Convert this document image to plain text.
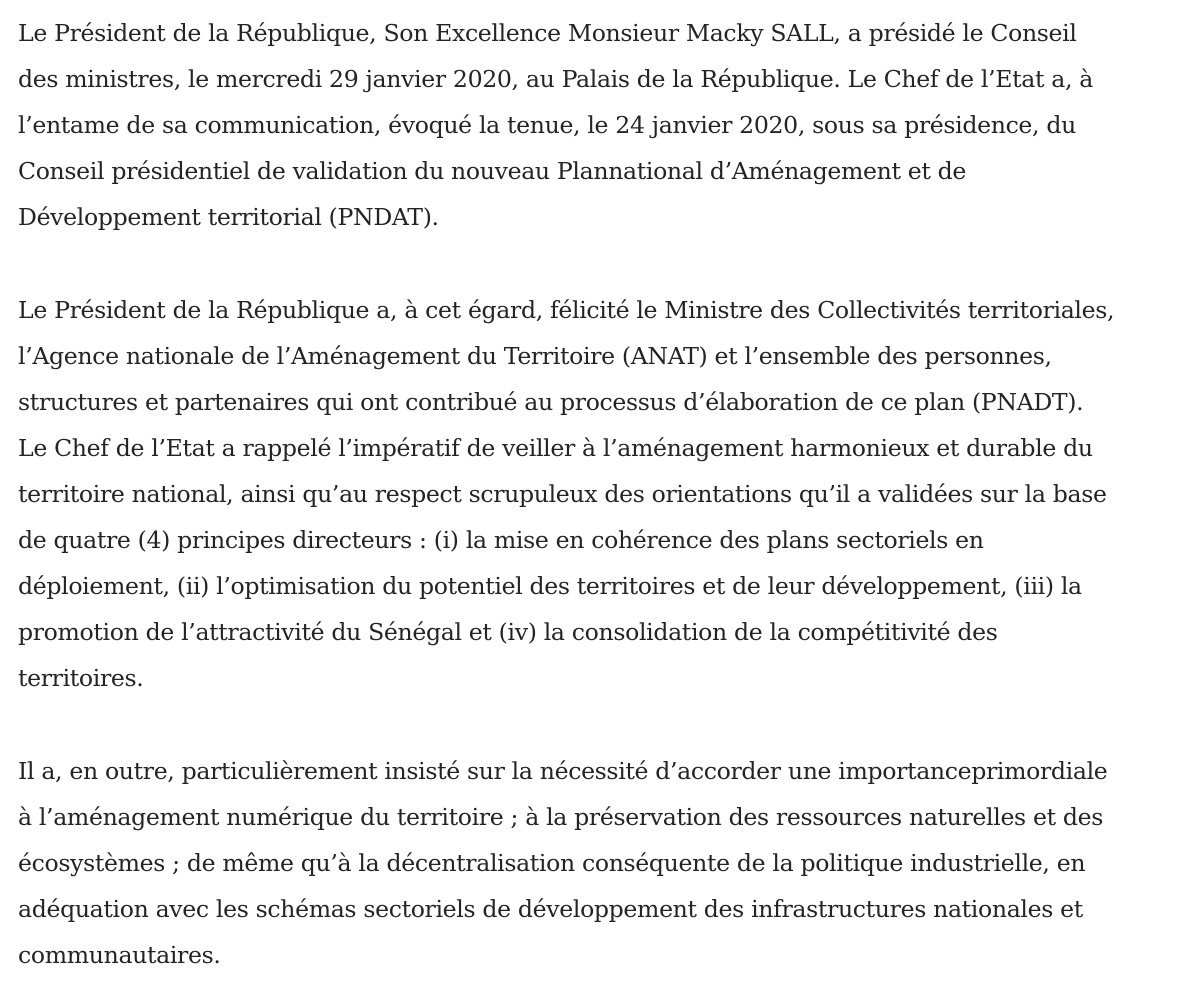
Le Président de la République, Son Excellence Monsieur Macky SALL, a présidé le Conseil
des ministres, le mercredi 29 janvier 2020, au Palais de la République. Le Chef de l’Etat a, à
l’entame de sa communication, évoqué la tenue, le 24 janvier 2020, sous sa présidence, du
Conseil présidentiel de validation du nouveau Plannational d’Aménagement et de
Développement territorial (PNDAT).

Le Président de la République a, à cet égard, félicité le Ministre des Collectivités territoriales,
l’Agence nationale de l’Aménagement du Territoire (ANAT) et l’ensemble des personnes,
structures et partenaires qui ont contribué au processus d’élaboration de ce plan (PNADT).
Le Chef de l’Etat a rappelé l’impératif de veiller à l’aménagement harmonieux et durable du
territoire national, ainsi qu’au respect scrupuleux des orientations qu’il a validées sur la base
de quatre (4) principes directeurs : (i) la mise en cohérence des plans sectoriels en
déploiement, (ii) l’optimisation du potentiel des territoires et de leur développement, (iii) la
promotion de l’attractivité du Sénégal et (iv) la consolidation de la compétitivité des
territoires.

Il a, en outre, particulièrement insisté sur la nécessité d’accorder une importanceprimordiale
à l’aménagement numérique du territoire ; à la préservation des ressources naturelles et des
écosystèmes ; de même qu’à la décentralisation conséquente de la politique industrielle, en
adéquation avec les schémas sectoriels de développement des infrastructures nationales et
communautaires.
